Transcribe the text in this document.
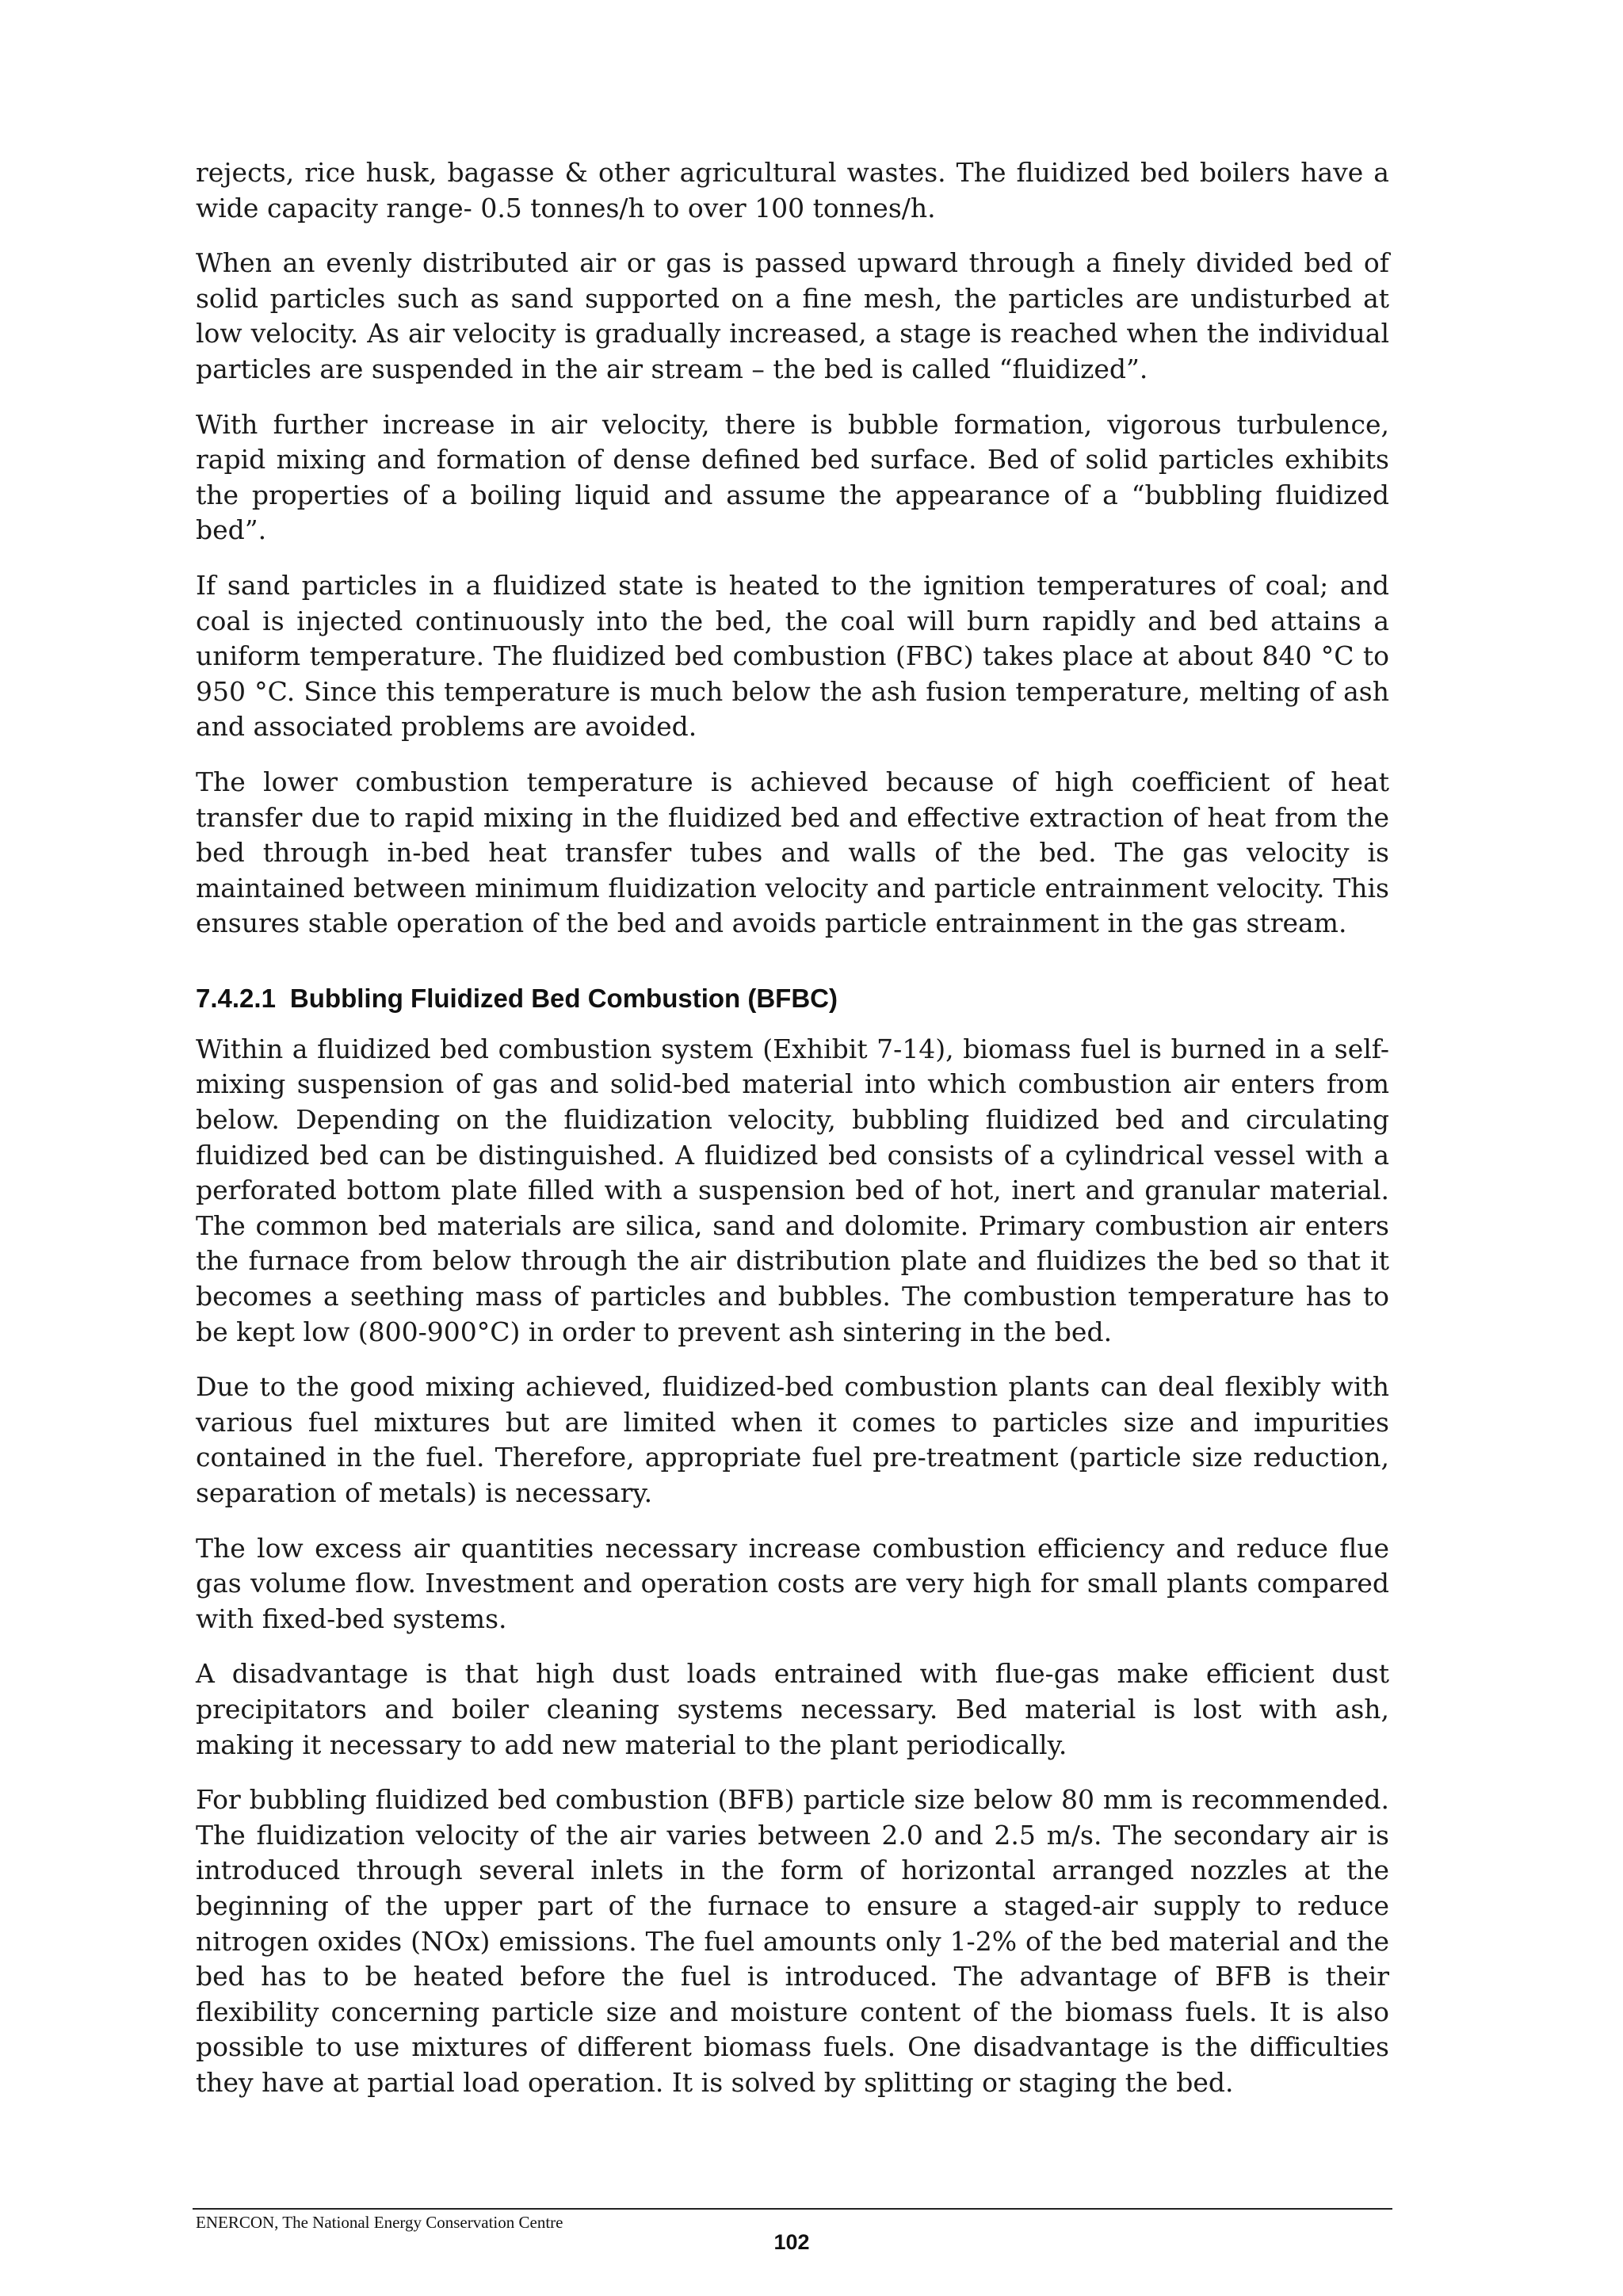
rejects, rice husk, bagasse & other agricultural wastes. The fluidized bed boilers have a wide capacity range- 0.5 tonnes/h to over 100 tonnes/h.

When an evenly distributed air or gas is passed upward through a finely divided bed of solid particles such as sand supported on a fine mesh, the particles are undisturbed at low velocity. As air velocity is gradually increased, a stage is reached when the individual particles are suspended in the air stream – the bed is called “fluidized”.

With further increase in air velocity, there is bubble formation, vigorous turbulence, rapid mixing and formation of dense defined bed surface. Bed of solid particles exhibits the properties of a boiling liquid and assume the appearance of a “bubbling fluidized bed”.

If sand particles in a fluidized state is heated to the ignition temperatures of coal; and coal is injected continuously into the bed, the coal will burn rapidly and bed attains a uniform temperature. The fluidized bed combustion (FBC) takes place at about 840 °C to 950 °C. Since this temperature is much below the ash fusion temperature, melting of ash and associated problems are avoided.

The lower combustion temperature is achieved because of high coefficient of heat transfer due to rapid mixing in the fluidized bed and effective extraction of heat from the bed through in-bed heat transfer tubes and walls of the bed. The gas velocity is maintained between minimum fluidization velocity and particle entrainment velocity. This ensures stable operation of the bed and avoids particle entrainment in the gas stream.

7.4.2.1 Bubbling Fluidized Bed Combustion (BFBC)

Within a fluidized bed combustion system (Exhibit 7-14), biomass fuel is burned in a self-mixing suspension of gas and solid-bed material into which combustion air enters from below. Depending on the fluidization velocity, bubbling fluidized bed and circulating fluidized bed can be distinguished. A fluidized bed consists of a cylindrical vessel with a perforated bottom plate filled with a suspension bed of hot, inert and granular material. The common bed materials are silica, sand and dolomite. Primary combustion air enters the furnace from below through the air distribution plate and fluidizes the bed so that it becomes a seething mass of particles and bubbles. The combustion temperature has to be kept low (800-900°C) in order to prevent ash sintering in the bed.

Due to the good mixing achieved, fluidized-bed combustion plants can deal flexibly with various fuel mixtures but are limited when it comes to particles size and impurities contained in the fuel. Therefore, appropriate fuel pre-treatment (particle size reduction, separation of metals) is necessary.

The low excess air quantities necessary increase combustion efficiency and reduce flue gas volume flow. Investment and operation costs are very high for small plants compared with fixed-bed systems.

A disadvantage is that high dust loads entrained with flue-gas make efficient dust precipitators and boiler cleaning systems necessary. Bed material is lost with ash, making it necessary to add new material to the plant periodically.

For bubbling fluidized bed combustion (BFB) particle size below 80 mm is recommended. The fluidization velocity of the air varies between 2.0 and 2.5 m/s. The secondary air is introduced through several inlets in the form of horizontal arranged nozzles at the beginning of the upper part of the furnace to ensure a staged-air supply to reduce nitrogen oxides (NOx) emissions. The fuel amounts only 1-2% of the bed material and the bed has to be heated before the fuel is introduced. The advantage of BFB is their flexibility concerning particle size and moisture content of the biomass fuels. It is also possible to use mixtures of different biomass fuels. One disadvantage is the difficulties they have at partial load operation. It is solved by splitting or staging the bed.

ENERCON, The National Energy Conservation Centre
102
